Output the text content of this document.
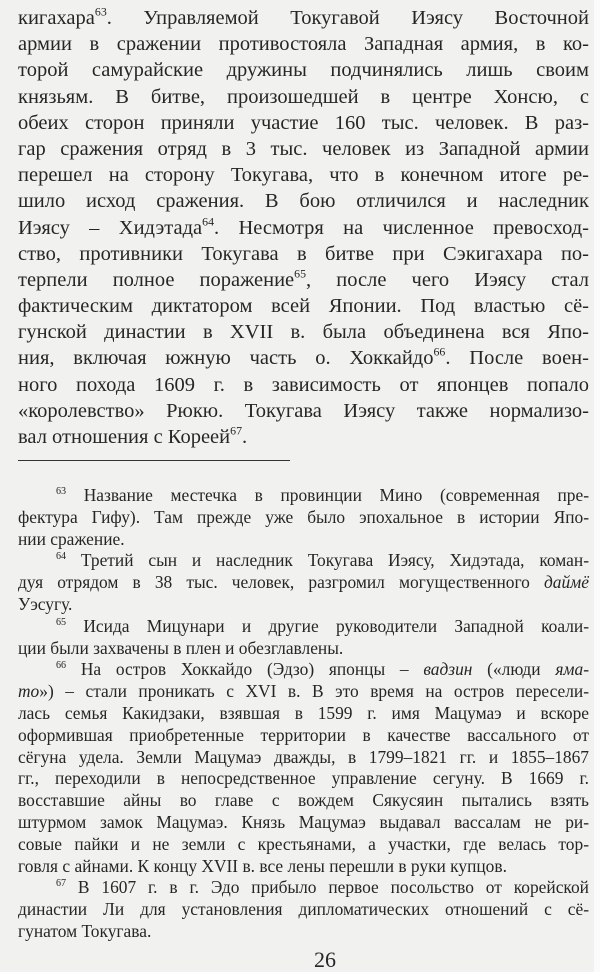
кигахара$^{63}$. Управляемой Токугавой Иэясу Восточной
армии в сражении противостояла Западная армия, в ко-
торой самурайские дружины подчинялись лишь своим
князьям. В битве, произошедшей в центре Хонсю, с
обеих сторон приняли участие 160 тыс. человек. В раз-
гар сражения отряд в 3 тыс. человек из Западной армии
перешел на сторону Токугава, что в конечном итоге ре-
шило исход сражения. В бою отличился и наследник
Иэясу – Хидэтада$^{64}$. Несмотря на численное превосход-
ство, противники Токугава в битве при Сэкигахара по-
терпели полное поражение$^{65}$, после чего Иэясу стал
фактическим диктатором всей Японии. Под властью сё-
гунской династии в XVII в. была объединена вся Япо-
ния, включая южную часть о. Хоккайдо$^{66}$. После воен-
ного похода 1609 г. в зависимость от японцев попало
«королевство» Рюкю. Токугава Иэясу также нормализо-
вал отношения с Кореей$^{67}$.
$^{63}$ Название местечка в провинции Мино (современная пре-
фектура Гифу). Там прежде уже было эпохальное в истории Япо-
нии сражение.
$^{64}$ Третий сын и наследник Токугава Иэясу, Хидэтада, коман-
дуя отрядом в 38 тыс. человек, разгромил могущественного даймё
Уэсугу.
$^{65}$ Исида Мицунари и другие руководители Западной коали-
ции были захвачены в плен и обезглавлены.
$^{66}$ На остров Хоккайдо (Эдзо) японцы – вадзин («люди яма-
то») – стали проникать с XVI в. В это время на остров пересели-
лась семья Какидзаки, взявшая в 1599 г. имя Мацумаэ и вскоре
оформившая приобретенные территории в качестве вассального от
сёгуна удела. Земли Мацумаэ дважды, в 1799–1821 гг. и 1855–1867
гг., переходили в непосредственное управление сегуну. В 1669 г.
восставшие айны во главе с вождем Сякусяин пытались взять
штурмом замок Мацумаэ. Князь Мацумаэ выдавал вассалам не ри-
совые пайки и не земли с крестьянами, а участки, где велась тор-
говля с айнами. К концу XVII в. все лены перешли в руки купцов.
$^{67}$ В 1607 г. в г. Эдо прибыло первое посольство от корейской
династии Ли для установления дипломатических отношений с сё-
гунатом Токугава.
26
